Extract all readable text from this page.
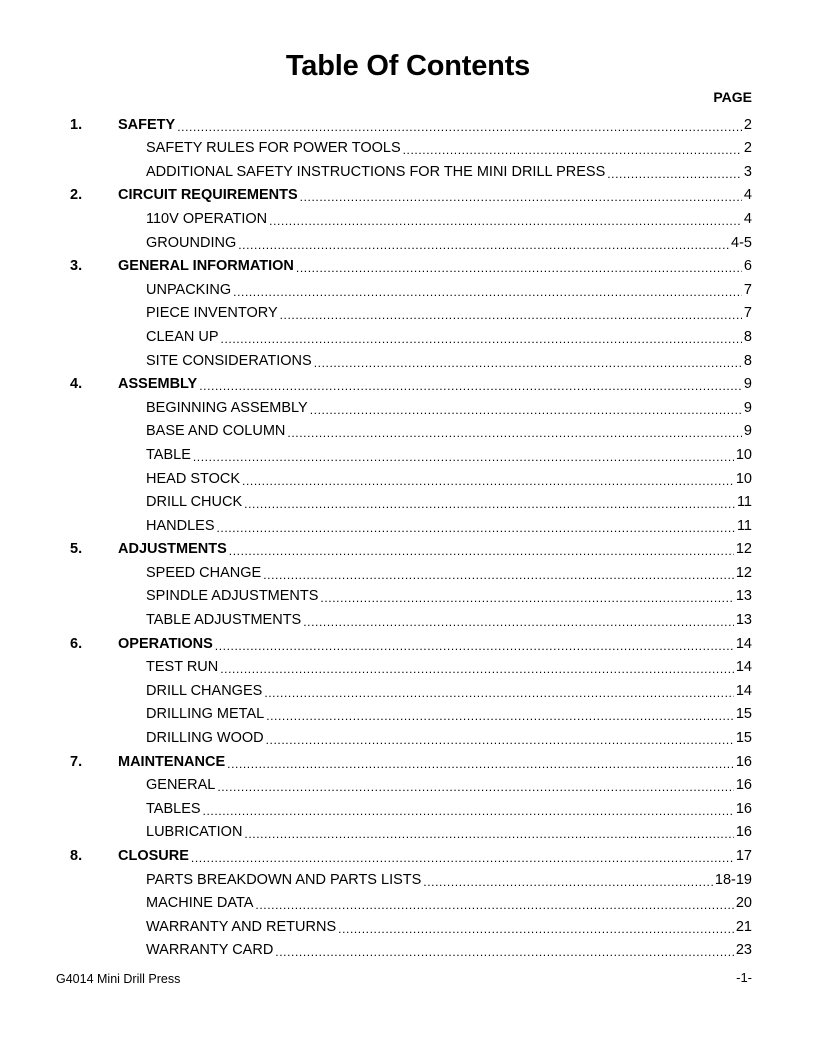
Table Of Contents
PAGE
1.	SAFETY .....	2
SAFETY RULES FOR POWER TOOLS .....	2
ADDITIONAL SAFETY INSTRUCTIONS FOR THE MINI DRILL PRESS .....	3
2.	CIRCUIT REQUIREMENTS .....	4
110V OPERATION .....	4
GROUNDING .....	4-5
3.	GENERAL INFORMATION .....	6
UNPACKING .....	7
PIECE INVENTORY .....	7
CLEAN UP .....	8
SITE CONSIDERATIONS .....	8
4.	ASSEMBLY .....	9
BEGINNING ASSEMBLY .....	9
BASE AND COLUMN .....	9
TABLE .....	10
HEAD STOCK .....	10
DRILL CHUCK .....	11
HANDLES .....	11
5.	ADJUSTMENTS .....	12
SPEED CHANGE .....	12
SPINDLE ADJUSTMENTS .....	13
TABLE ADJUSTMENTS .....	13
6.	OPERATIONS .....	14
TEST RUN .....	14
DRILL CHANGES .....	14
DRILLING METAL .....	15
DRILLING WOOD .....	15
7.	MAINTENANCE .....	16
GENERAL .....	16
TABLES .....	16
LUBRICATION .....	16
8.	CLOSURE .....	17
PARTS BREAKDOWN AND PARTS LISTS .....	18-19
MACHINE DATA .....	20
WARRANTY AND RETURNS .....	21
WARRANTY CARD .....	23
G4014 Mini Drill Press	-1-
